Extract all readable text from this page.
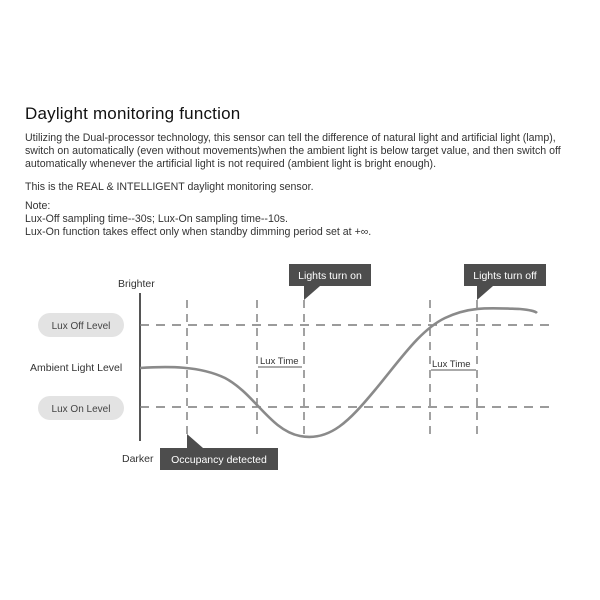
Daylight monitoring function

Utilizing the Dual-processor technology, this sensor can tell the difference of natural light and artificial light (lamp), switch on automatically (even without movements)when the ambient light is below target value, and then switch off automatically whenever the artificial light is not required (ambient light is bright enough).

This is the REAL & INTELLIGENT daylight monitoring sensor.

Note:
Lux-Off sampling time--30s; Lux-On sampling time--10s.
Lux-On function takes effect only when standby dimming period set at +∞.
Brighter
Darker
Ambient Light Level
Lux Off Level
Lux On Level
Lux Time	Lux Time
Lights turn on	Lights turn off
Occupancy detected
